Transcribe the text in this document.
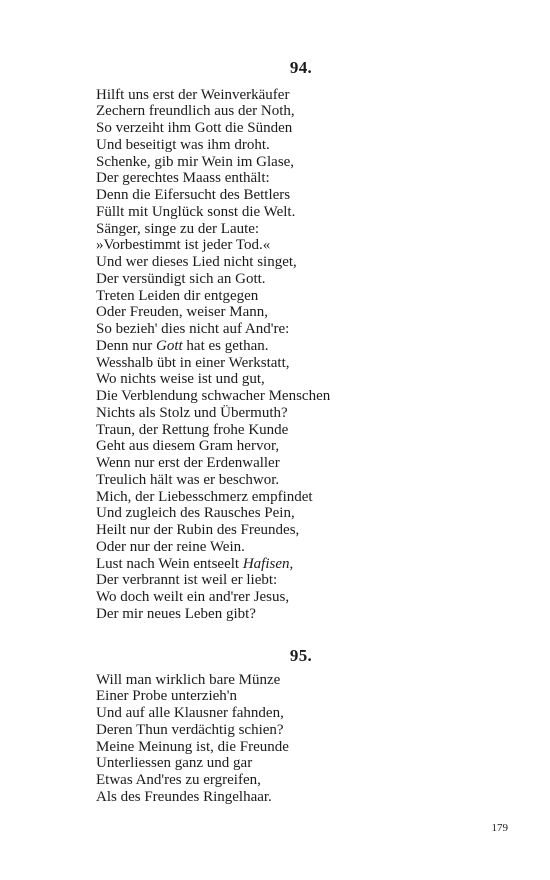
94.
Hilft uns erst der Weinverkäufer
Zechern freundlich aus der Noth,
So verzeiht ihm Gott die Sünden
Und beseitigt was ihm droht.
Schenke, gib mir Wein im Glase,
Der gerechtes Maass enthält:
Denn die Eifersucht des Bettlers
Füllt mit Unglück sonst die Welt.
Sänger, singe zu der Laute:
»Vorbestimmt ist jeder Tod.«
Und wer dieses Lied nicht singet,
Der versündigt sich an Gott.
Treten Leiden dir entgegen
Oder Freuden, weiser Mann,
So bezieh' dies nicht auf And're:
Denn nur Gott hat es gethan.
Wesshalb übt in einer Werkstatt,
Wo nichts weise ist und gut,
Die Verblendung schwacher Menschen
Nichts als Stolz und Übermuth?
Traun, der Rettung frohe Kunde
Geht aus diesem Gram hervor,
Wenn nur erst der Erdenwaller
Treulich hält was er beschwor.
Mich, der Liebesschmerz empfindet
Und zugleich des Rausches Pein,
Heilt nur der Rubin des Freundes,
Oder nur der reine Wein.
Lust nach Wein entseelt Hafisen,
Der verbrannt ist weil er liebt:
Wo doch weilt ein and'rer Jesus,
Der mir neues Leben gibt?
95.
Will man wirklich bare Münze
Einer Probe unterzieh'n
Und auf alle Klausner fahnden,
Deren Thun verdächtig schien?
Meine Meinung ist, die Freunde
Unterliessen ganz und gar
Etwas And'res zu ergreifen,
Als des Freundes Ringelhaar.
179
